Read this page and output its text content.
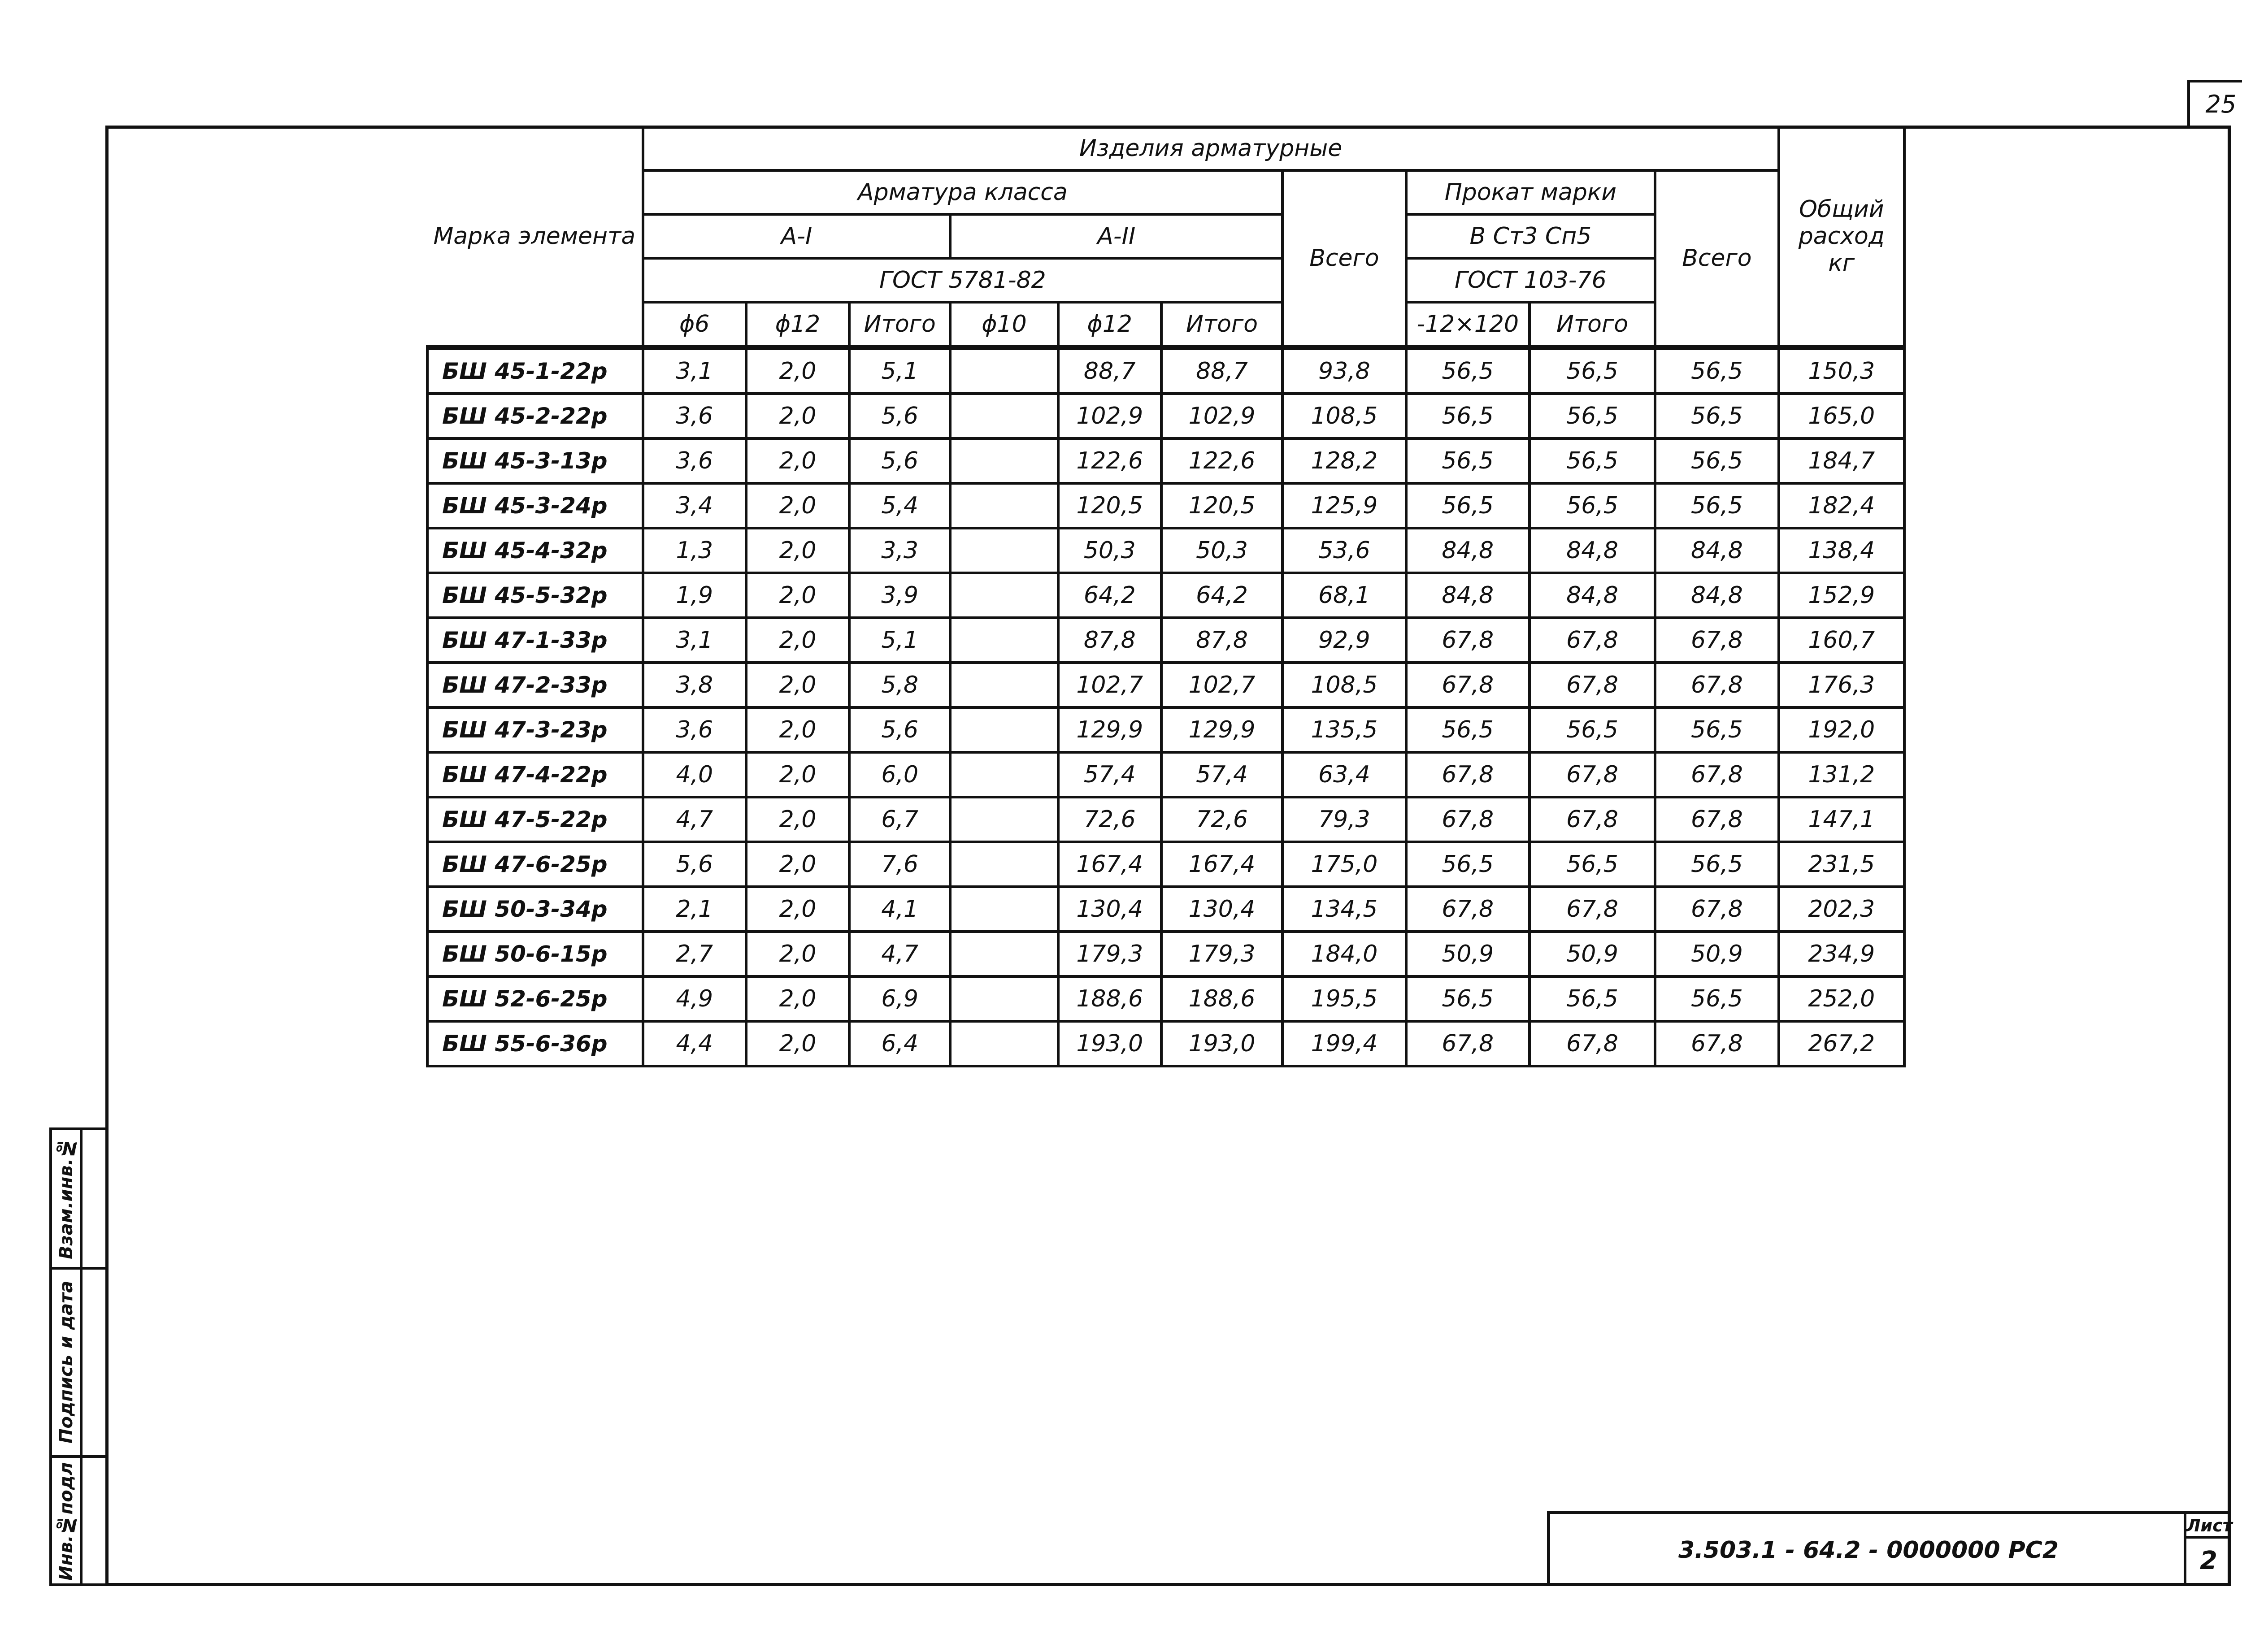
25
Взам.инв.№
Подпись и дата
Инв.№подл
Марка элемента	Изделия арматурные										Общий расход кг
	Арматура класса						Всего	Прокат марки		Всего	
	А-I			А-II				В Ст3 Сп5			
	ГОСТ 5781-82							ГОСТ 103-76			
	ϕ6	ϕ12	Итого	ϕ10	ϕ12	Итого		-12×120	Итого		
БШ 45-1-22р	3,1	2,0	5,1		88,7	88,7	93,8	56,5	56,5	56,5	150,3
БШ 45-2-22р	3,6	2,0	5,6		102,9	102,9	108,5	56,5	56,5	56,5	165,0
БШ 45-3-13р	3,6	2,0	5,6		122,6	122,6	128,2	56,5	56,5	56,5	184,7
БШ 45-3-24р	3,4	2,0	5,4		120,5	120,5	125,9	56,5	56,5	56,5	182,4
БШ 45-4-32р	1,3	2,0	3,3		50,3	50,3	53,6	84,8	84,8	84,8	138,4
БШ 45-5-32р	1,9	2,0	3,9		64,2	64,2	68,1	84,8	84,8	84,8	152,9
БШ 47-1-33р	3,1	2,0	5,1		87,8	87,8	92,9	67,8	67,8	67,8	160,7
БШ 47-2-33р	3,8	2,0	5,8		102,7	102,7	108,5	67,8	67,8	67,8	176,3
БШ 47-3-23р	3,6	2,0	5,6		129,9	129,9	135,5	56,5	56,5	56,5	192,0
БШ 47-4-22р	4,0	2,0	6,0		57,4	57,4	63,4	67,8	67,8	67,8	131,2
БШ 47-5-22р	4,7	2,0	6,7		72,6	72,6	79,3	67,8	67,8	67,8	147,1
БШ 47-6-25р	5,6	2,0	7,6		167,4	167,4	175,0	56,5	56,5	56,5	231,5
БШ 50-3-34р	2,1	2,0	4,1		130,4	130,4	134,5	67,8	67,8	67,8	202,3
БШ 50-6-15р	2,7	2,0	4,7		179,3	179,3	184,0	50,9	50,9	50,9	234,9
БШ 52-6-25р	4,9	2,0	6,9		188,6	188,6	195,5	56,5	56,5	56,5	252,0
БШ 55-6-36р	4,4	2,0	6,4		193,0	193,0	199,4	67,8	67,8	67,8	267,2
3.503.1 - 64.2 - 0000000 РС2
Лист
2
